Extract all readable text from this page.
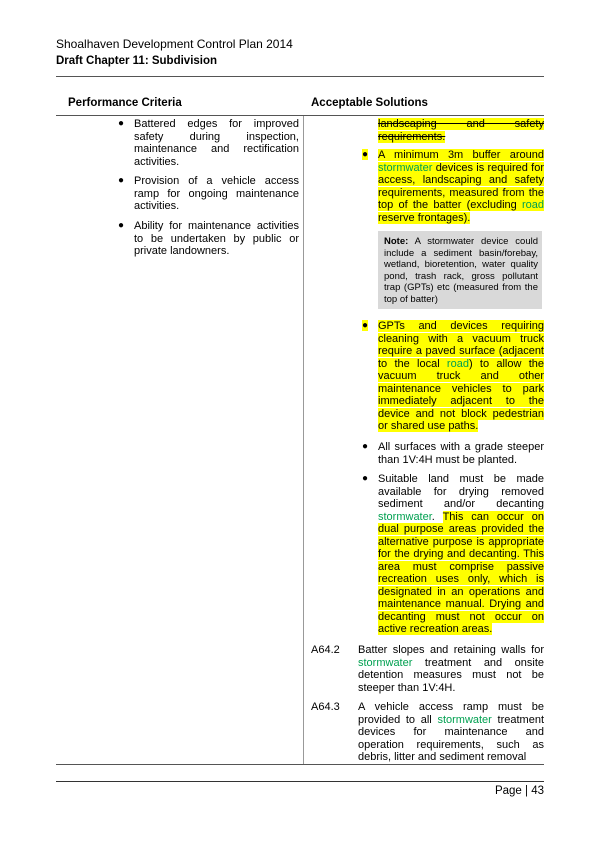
Shoalhaven Development Control Plan 2014
Draft Chapter 11: Subdivision
Performance Criteria	Acceptable Solutions
● Battered edges for improved safety during inspection, maintenance and rectification activities.
● Provision of a vehicle access ramp for ongoing maintenance activities.
● Ability for maintenance activities to be undertaken by public or private landowners.
landscaping and safety requirements.
● A minimum 3m buffer around stormwater devices is required for access, landscaping and safety requirements, measured from the top of the batter (excluding road reserve frontages).
Note: A stormwater device could include a sediment basin/forebay, wetland, bioretention, water quality pond, trash rack, gross pollutant trap (GPTs) etc (measured from the top of batter)
● GPTs and devices requiring cleaning with a vacuum truck require a paved surface (adjacent to the local road) to allow the vacuum truck and other maintenance vehicles to park immediately adjacent to the device and not block pedestrian or shared use paths.
● All surfaces with a grade steeper than 1V:4H must be planted.
● Suitable land must be made available for drying removed sediment and/or decanting stormwater. This can occur on dual purpose areas provided the alternative purpose is appropriate for the drying and decanting. This area must comprise passive recreation uses only, which is designated in an operations and maintenance manual. Drying and decanting must not occur on active recreation areas.
A64.2 Batter slopes and retaining walls for stormwater treatment and onsite detention measures must not be steeper than 1V:4H.
A64.3 A vehicle access ramp must be provided to all stormwater treatment devices for maintenance and operation requirements, such as debris, litter and sediment removal
Page | 43
